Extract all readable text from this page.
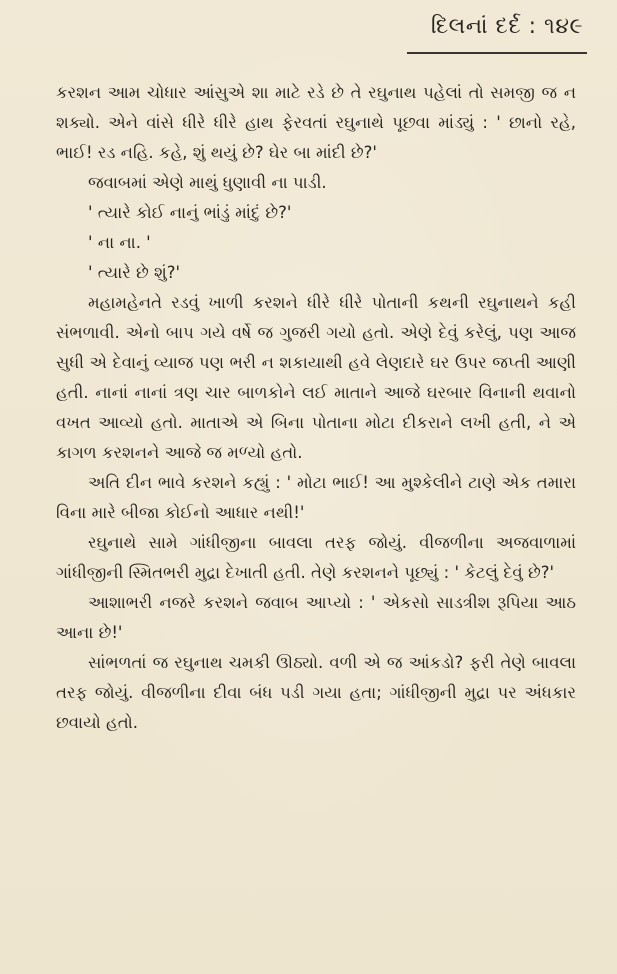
દિલનાં દર્દ : ૧૪૯

કરશન આમ ચોધાર આંસુએ શા માટે રડે છે તે રઘુનાથ પહેલાં તો સમજી જ ન શક્યો. એને વાંસે ધીરે ધીરે હાથ ફેરવતાં રઘુનાથે પૂછવા માંડ્યું : ' છાનો રહે, ભાઈ! રડ નહિ. કહે, શું થયું છે? ઘેર બા માંદી છે?'

જવાબમાં એણે માથું ધુણાવી ના પાડી.

' ત્યારે કોઈ નાનું ભાંડું માંદું છે?'

' ના ના. '

' ત્યારે છે શું?'

મહામહેનતે રડવું ખાળી કરશને ધીરે ધીરે પોતાની કથની રઘુનાથને કહી સંભળાવી. એનો બાપ ગયે વર્ષે જ ગુજરી ગયો હતો. એણે દેવું કરેલું, પણ આજ સુધી એ દેવાનું વ્યાજ પણ ભરી ન શકાયાથી હવે લેણદારે ઘર ઉપર જપ્તી આણી હતી. નાનાં નાનાં ત્રણ ચાર બાળકોને લઈ માતાને આજે ઘરબાર વિનાની થવાનો વખત આવ્યો હતો. માતાએ એ બિના પોતાના મોટા દીકરાને લખી હતી, ને એ કાગળ કરશનને આજે જ મળ્યો હતો.

અતિ દીન ભાવે કરશને કહ્યું : ' મોટા ભાઈ! આ મુશ્કેલીને ટાણે એક તમારા વિના મારે બીજા કોઈનો આધાર નથી!'

રઘુનાથે સામે ગાંધીજીના બાવલા તરફ જોયું. વીજળીના અજવાળામાં ગાંધીજીની સ્મિતભરી મુદ્રા દેખાતી હતી. તેણે કરશનને પૂછ્યું : ' કેટલું દેવું છે?'

આશાભરી નજરે કરશને જવાબ આપ્યો : ' એકસો સાડત્રીશ રૂપિયા આઠ આના છે!'

સાંભળતાં જ રઘુનાથ ચમકી ઊઠ્યો. વળી એ જ આંકડો? ફરી તેણે બાવલા તરફ જોયું. વીજળીના દીવા બંધ પડી ગયા હતા; ગાંધીજીની મુદ્રા પર અંધકાર છવાયો હતો.
